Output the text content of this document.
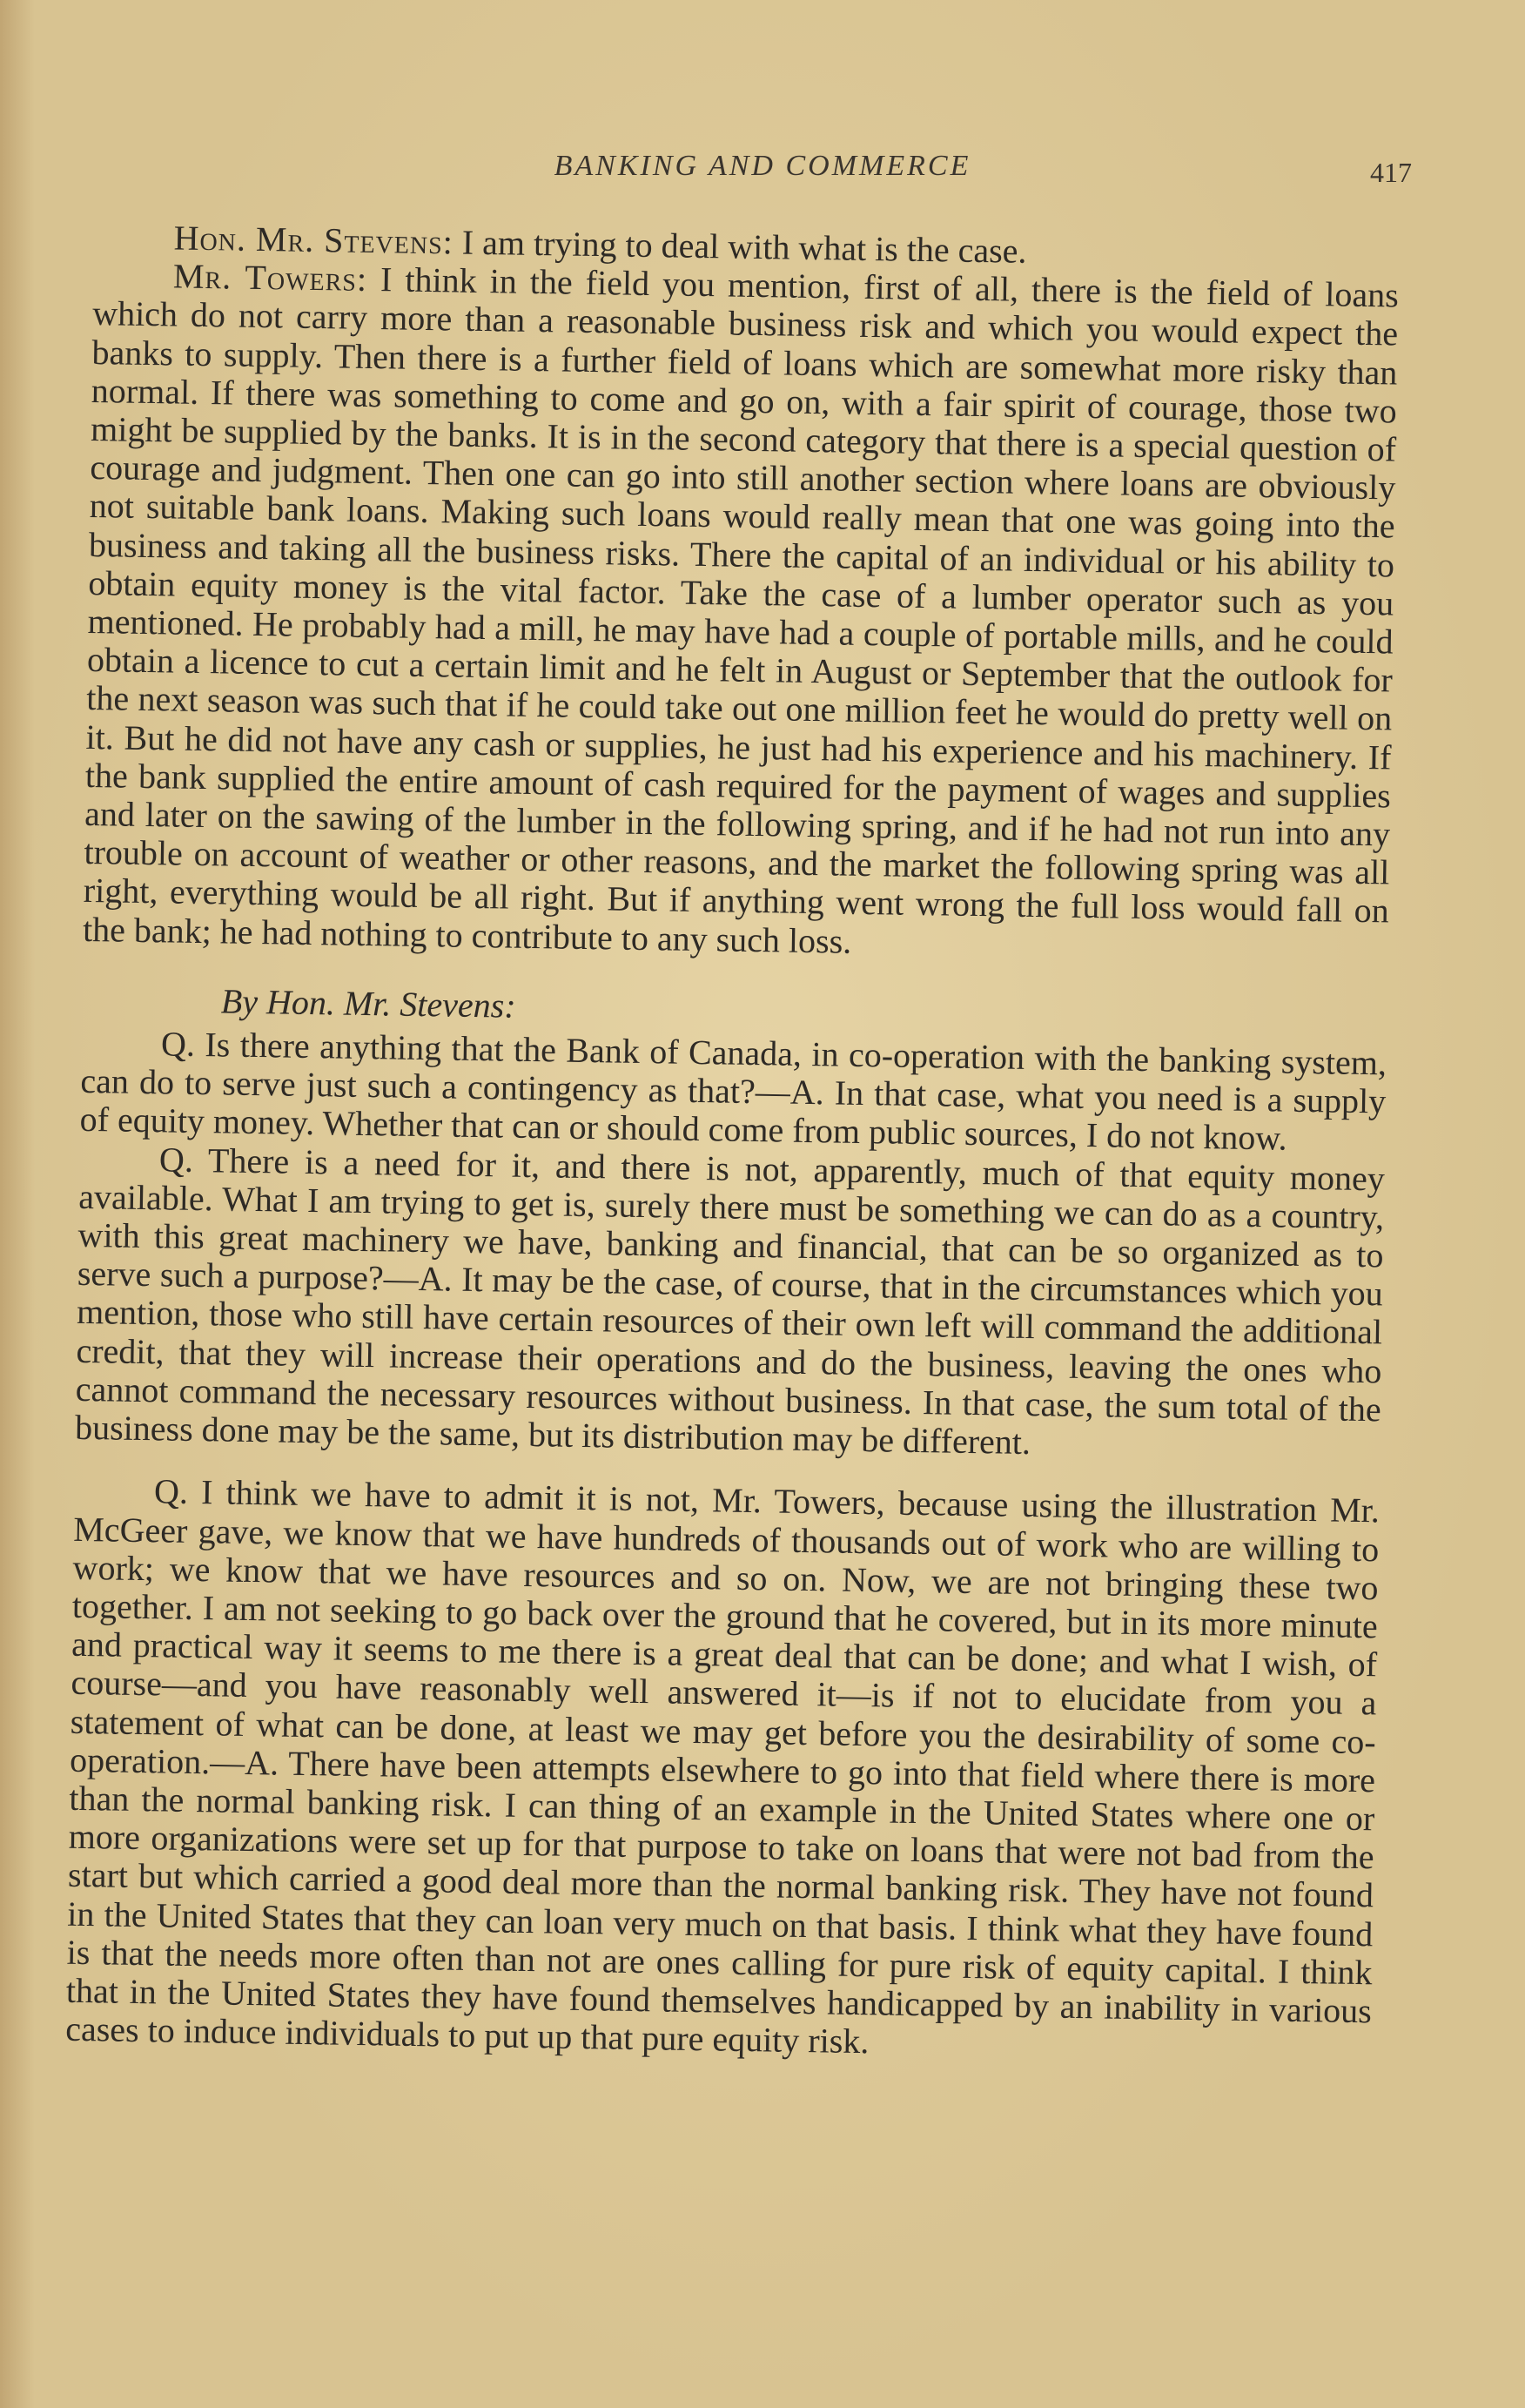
BANKING AND COMMERCE	417

Hon. Mr. Stevens: I am trying to deal with what is the case.

Mr. Towers: I think in the field you mention, first of all, there is the field of loans which do not carry more than a reasonable business risk and which you would expect the banks to supply. Then there is a further field of loans which are somewhat more risky than normal. If there was something to come and go on, with a fair spirit of courage, those two might be supplied by the banks. It is in the second category that there is a special question of courage and judgment. Then one can go into still another section where loans are obviously not suitable bank loans. Making such loans would really mean that one was going into the business and taking all the business risks. There the capital of an individual or his ability to obtain equity money is the vital factor. Take the case of a lumber operator such as you mentioned. He probably had a mill, he may have had a couple of portable mills, and he could obtain a licence to cut a certain limit and he felt in August or September that the outlook for the next season was such that if he could take out one million feet he would do pretty well on it. But he did not have any cash or supplies, he just had his experience and his machinery. If the bank supplied the entire amount of cash required for the payment of wages and supplies and later on the sawing of the lumber in the following spring, and if he had not run into any trouble on account of weather or other reasons, and the market the following spring was all right, everything would be all right. But if anything went wrong the full loss would fall on the bank; he had nothing to contribute to any such loss.

By Hon. Mr. Stevens:

Q. Is there anything that the Bank of Canada, in co-operation with the banking system, can do to serve just such a contingency as that?—A. In that case, what you need is a supply of equity money. Whether that can or should come from public sources, I do not know.

Q. There is a need for it, and there is not, apparently, much of that equity money available. What I am trying to get is, surely there must be something we can do as a country, with this great machinery we have, banking and financial, that can be so organized as to serve such a purpose?—A. It may be the case, of course, that in the circumstances which you mention, those who still have certain resources of their own left will command the additional credit, that they will increase their operations and do the business, leaving the ones who cannot command the necessary resources without business. In that case, the sum total of the business done may be the same, but its distribution may be different.

Q. I think we have to admit it is not, Mr. Towers, because using the illustration Mr. McGeer gave, we know that we have hundreds of thousands out of work who are willing to work; we know that we have resources and so on. Now, we are not bringing these two together. I am not seeking to go back over the ground that he covered, but in its more minute and practical way it seems to me there is a great deal that can be done; and what I wish, of course—and you have reasonably well answered it—is if not to elucidate from you a statement of what can be done, at least we may get before you the desirability of some co-operation.—A. There have been attempts elsewhere to go into that field where there is more than the normal banking risk. I can thing of an example in the United States where one or more organizations were set up for that purpose to take on loans that were not bad from the start but which carried a good deal more than the normal banking risk. They have not found in the United States that they can loan very much on that basis. I think what they have found is that the needs more often than not are ones calling for pure risk of equity capital. I think that in the United States they have found themselves handicapped by an inability in various cases to induce individuals to put up that pure equity risk.
